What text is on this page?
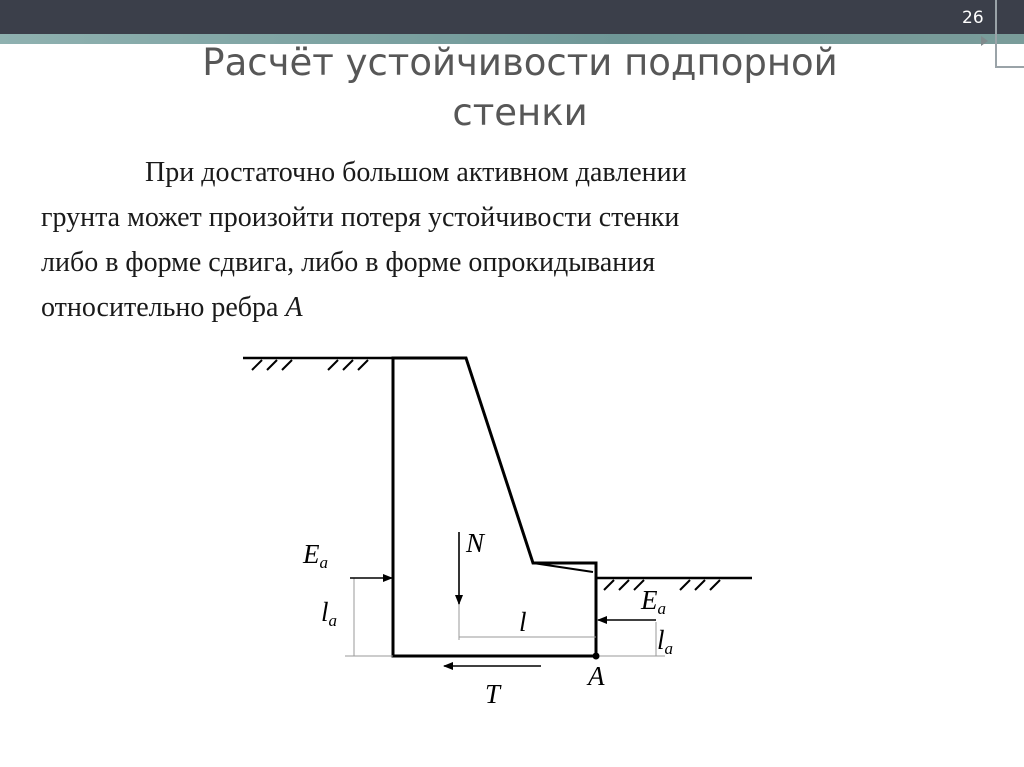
26
Расчёт устойчивости подпорной
стенки
При достаточно большом активном давлении
грунта может произойти потеря устойчивости стенки
либо в форме сдвига, либо в форме опрокидывания
относительно ребра A
Ea
la
N
l
Ea
la
A
T
